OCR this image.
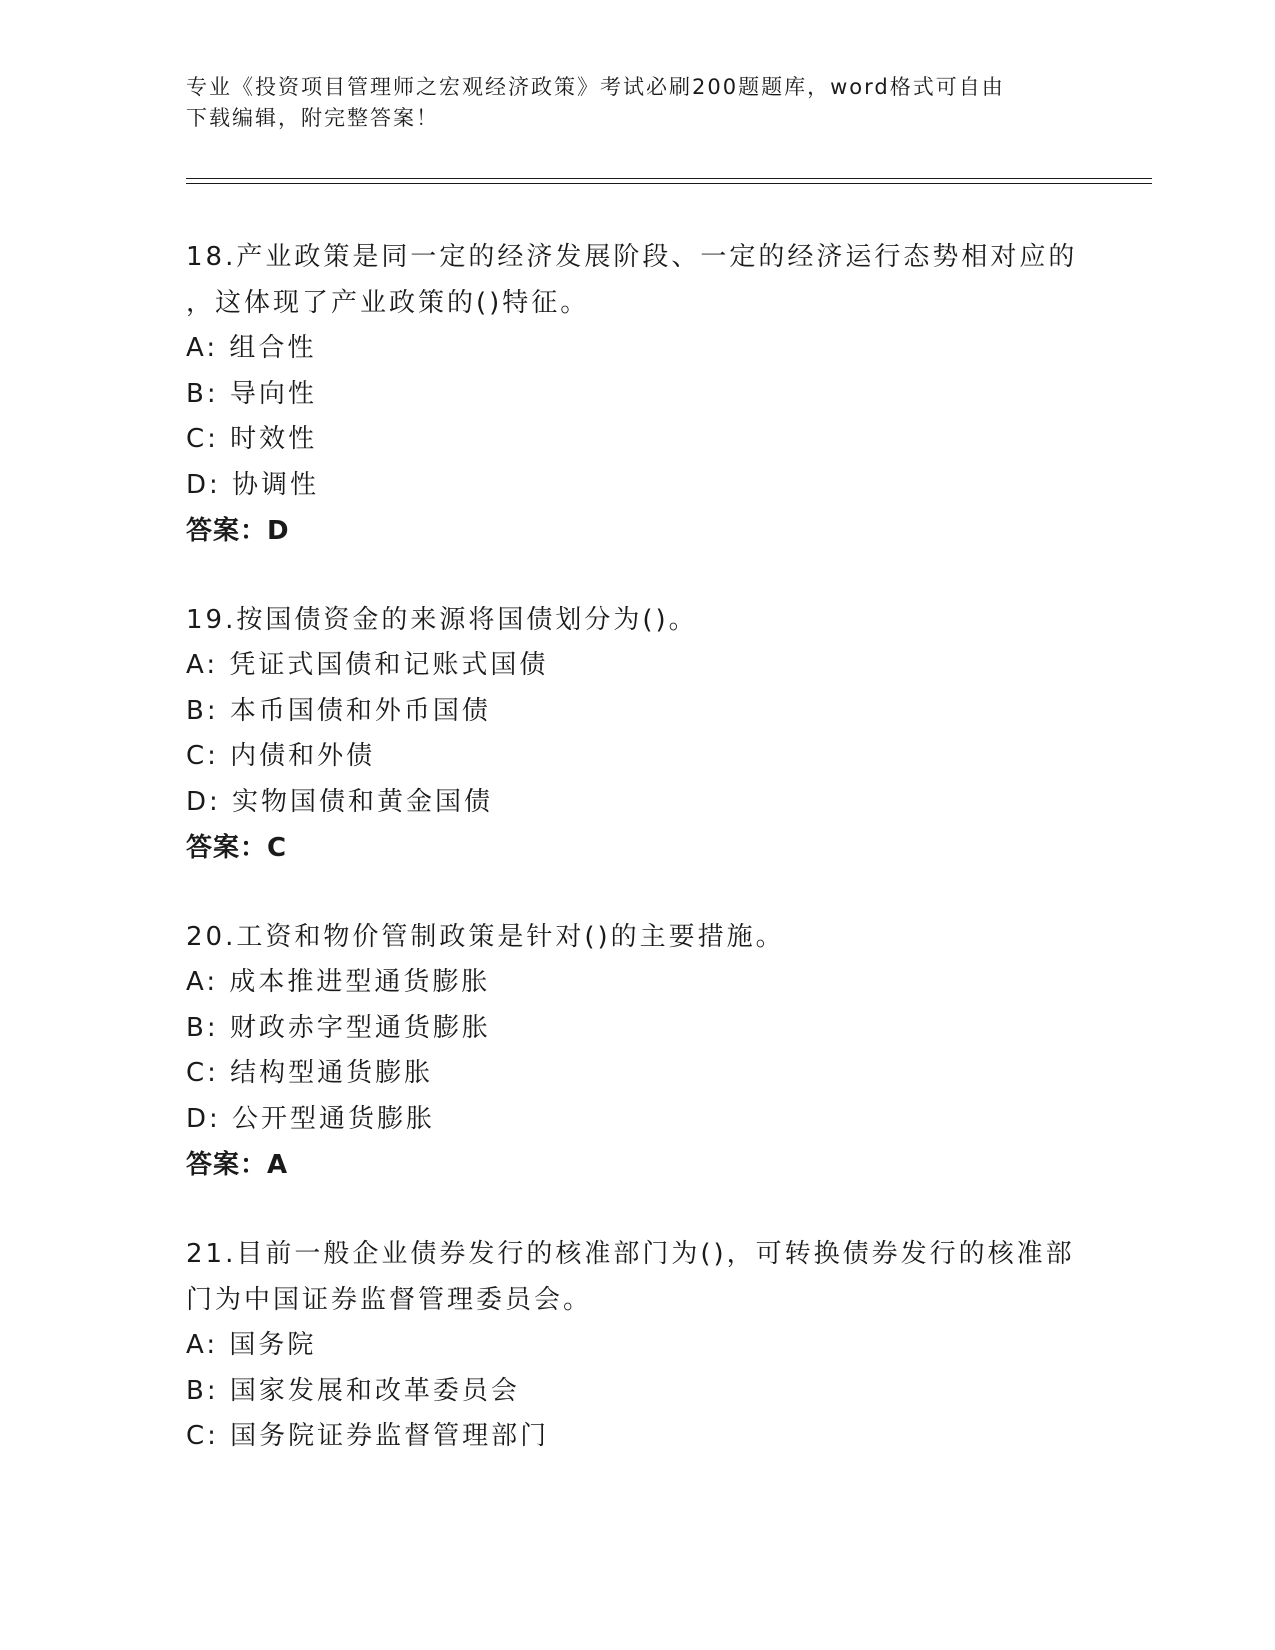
专业《投资项目管理师之宏观经济政策》考试必刷200题题库，word格式可自由
下载编辑，附完整答案！
18.产业政策是同一定的经济发展阶段、一定的经济运行态势相对应的
，这体现了产业政策的()特征。
A: 组合性
B: 导向性
C: 时效性
D: 协调性
答案：D
19.按国债资金的来源将国债划分为()。
A: 凭证式国债和记账式国债
B: 本币国债和外币国债
C: 内债和外债
D: 实物国债和黄金国债
答案：C
20.工资和物价管制政策是针对()的主要措施。
A: 成本推进型通货膨胀
B: 财政赤字型通货膨胀
C: 结构型通货膨胀
D: 公开型通货膨胀
答案：A
21.目前一般企业债券发行的核准部门为()，可转换债券发行的核准部
门为中国证券监督管理委员会。
A: 国务院
B: 国家发展和改革委员会
C: 国务院证券监督管理部门
